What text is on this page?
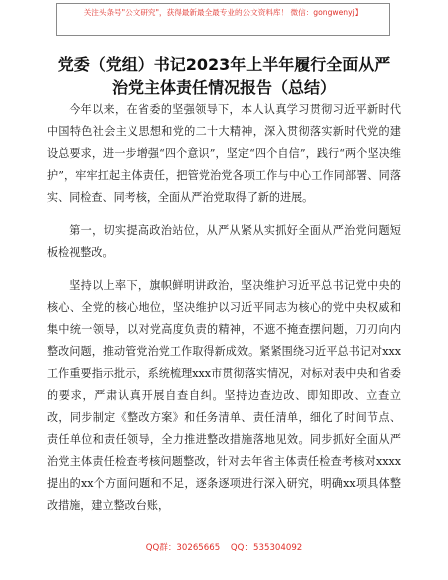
关注头条号"公文研究"，获得最新最全最专业的公文资料库！ 微信：gongwenyj】
党委（党组）书记2023年上半年履行全面从严
治党主体责任情况报告（总结）

今年以来，在省委的坚强领导下，本人认真学习贯彻习近平新时代中国特色社会主义思想和党的二十大精神，深入贯彻落实新时代党的建设总要求，进一步增强“四个意识”，坚定“四个自信”，践行“两个坚决维护”，牢牢扛起主体责任，把管党治党各项工作与中心工作同部署、同落实、同检查、同考核，全面从严治党取得了新的进展。

第一，切实提高政治站位，从严从紧从实抓好全面从严治党问题短板检视整改。

坚持以上率下，旗帜鲜明讲政治，坚决维护习近平总书记党中央的核心、全党的核心地位，坚决维护以习近平同志为核心的党中央权威和集中统一领导，以对党高度负责的精神，不遮不掩查摆问题，刀刃向内整改问题，推动管党治党工作取得新成效。紧紧围绕习近平总书记对xxx工作重要指示批示，系统梳理xxx市贯彻落实情况，对标对表中央和省委的要求，严肃认真开展自查自纠。坚持边查边改、即知即改、立查立改，同步制定《整改方案》和任务清单、责任清单，细化了时间节点、责任单位和责任领导，全力推进整改措施落地见效。同步抓好全面从严治党主体责任检查考核问题整改，针对去年省主体责任检查考核对xxxx提出的xx个方面问题和不足，逐条逐项进行深入研究，明确xx项具体整改措施，建立整改台账，

QQ群：30265665 QQ：535304092
